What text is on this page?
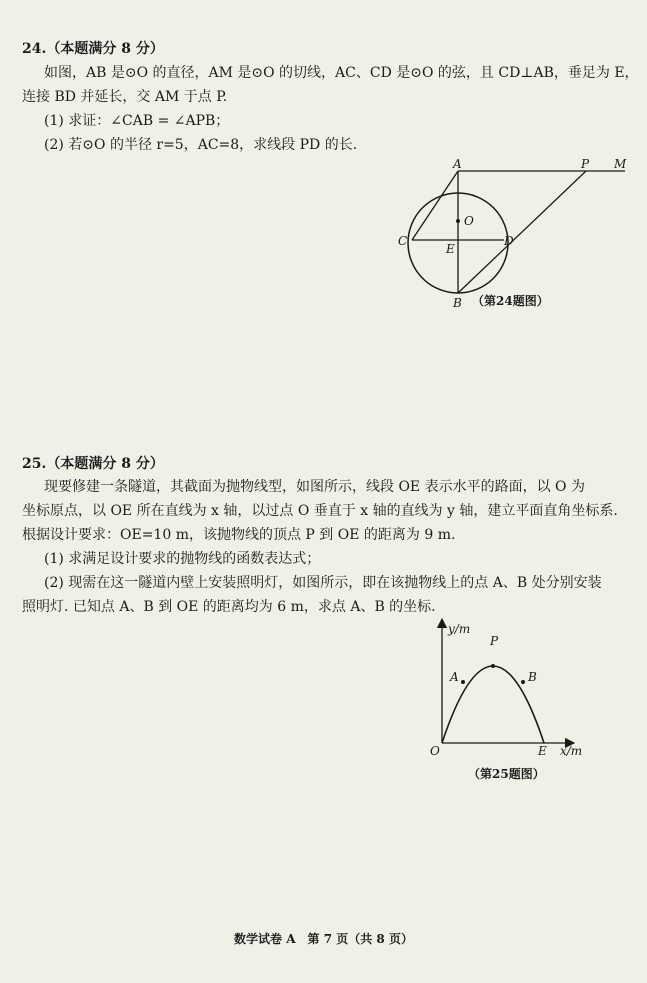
24.（本题满分 8 分）
如图，AB 是⊙O 的直径，AM 是⊙O 的切线，AC、CD 是⊙O 的弦，且 CD⊥AB，垂足为 E，
连接 BD 并延长，交 AM 于点 P.
(1) 求证：∠CAB = ∠APB；
(2) 若⊙O 的半径 r=5，AC=8，求线段 PD 的长.
A	P M
O
C
E
D
B （第24题图）
25.（本题满分 8 分）
现要修建一条隧道，其截面为抛物线型，如图所示，线段 OE 表示水平的路面，以 O 为
坐标原点，以 OE 所在直线为 x 轴，以过点 O 垂直于 x 轴的直线为 y 轴，建立平面直角坐标系.
根据设计要求：OE=10 m，该抛物线的顶点 P 到 OE 的距离为 9 m.
(1) 求满足设计要求的抛物线的函数表达式；
(2) 现需在这一隧道内壁上安装照明灯，如图所示，即在该抛物线上的点 A、B 处分别安装
照明灯. 已知点 A、B 到 OE 的距离均为 6 m，求点 A、B 的坐标.
y/m
x/m
O	E
P
A	B
（第25题图）
数学试卷 A　第 7 页（共 8 页）
